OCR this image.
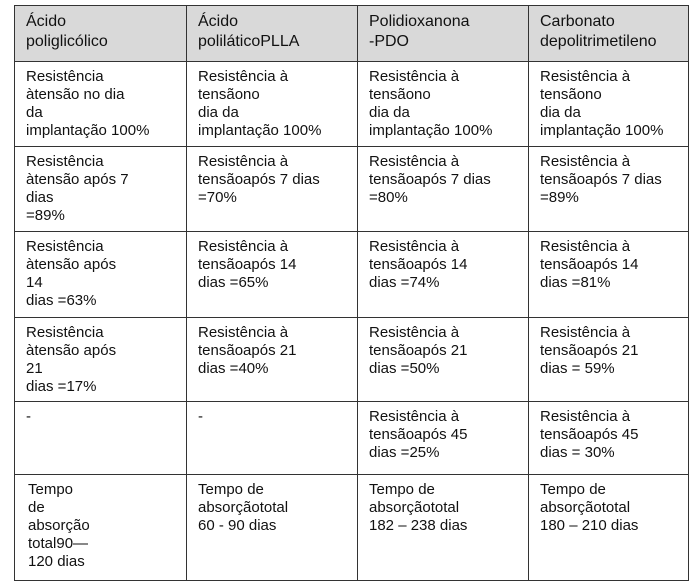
Ácido
poliglicólico	Ácido
poliláticoPLLA	Polidioxanona
-PDO	Carbonato
depolitrimetileno

Resistência
àtensão no dia
da
implantação 100%	Resistência à
tensãono
dia da
implantação 100%	Resistência à
tensãono
dia da
implantação 100%	Resistência à
tensãono
dia da
implantação 100%

Resistência
àtensão após 7
dias
=89%	Resistência à
tensãoapós 7 dias
=70%	Resistência à
tensãoapós 7 dias
=80%	Resistência à
tensãoapós 7 dias
=89%

Resistência
àtensão após
14
dias =63%	Resistência à
tensãoapós 14
dias =65%	Resistência à
tensãoapós 14
dias =74%	Resistência à
tensãoapós 14
dias =81%

Resistência
àtensão após
21
dias =17%	Resistência à
tensãoapós 21
dias =40%	Resistência à
tensãoapós 21
dias =50%	Resistência à
tensãoapós 21
dias = 59%

-	-	Resistência à
tensãoapós 45
dias =25%	Resistência à
tensãoapós 45
dias = 30%

Tempo
de
absorção
total90—
120 dias	Tempo de
absorçãototal
60 - 90 dias	Tempo de
absorçãototal
182 – 238 dias	Tempo de
absorçãototal
180 – 210 dias
